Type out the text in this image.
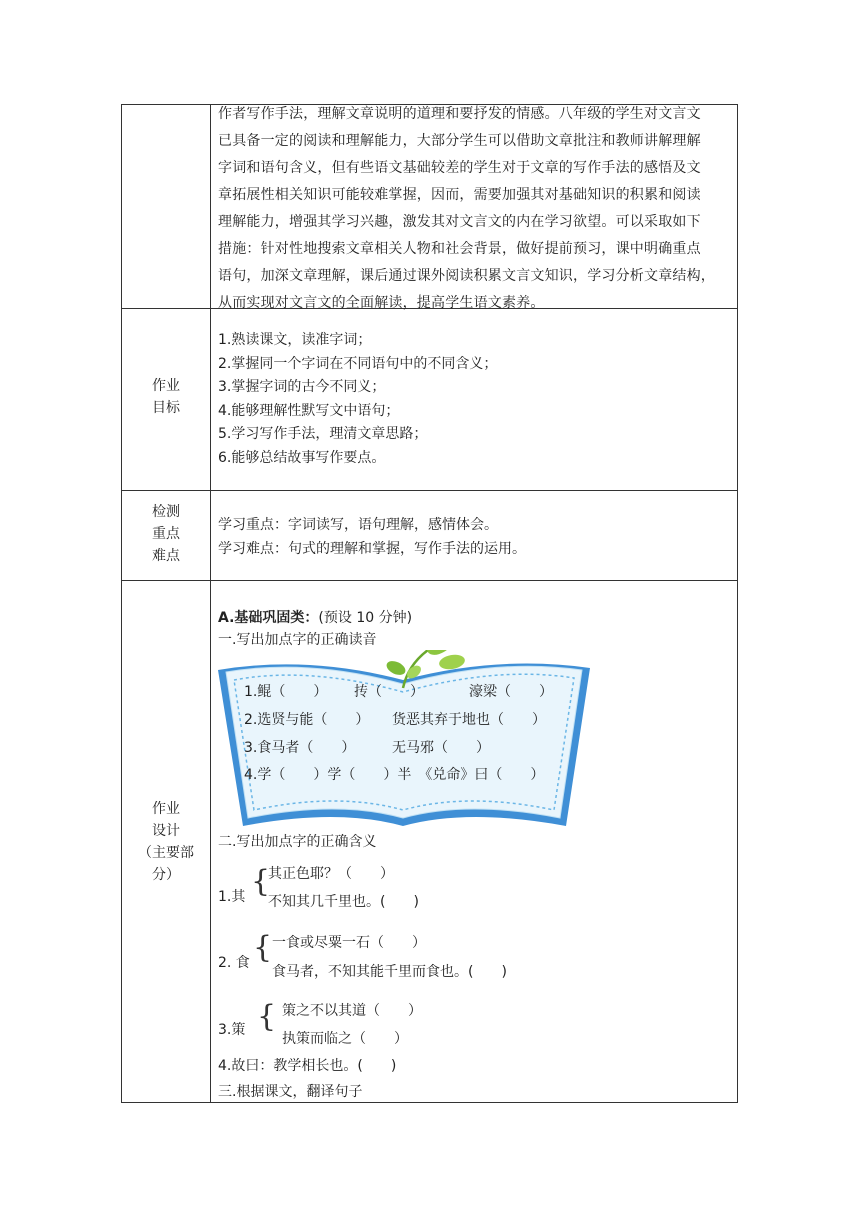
作者写作手法，理解文章说明的道理和要抒发的情感。八年级的学生对文言文
已具备一定的阅读和理解能力，大部分学生可以借助文章批注和教师讲解理解
字词和语句含义，但有些语文基础较差的学生对于文章的写作手法的感悟及文
章拓展性相关知识可能较难掌握，因而，需要加强其对基础知识的积累和阅读
理解能力，增强其学习兴趣，激发其对文言文的内在学习欲望。可以采取如下
措施：针对性地搜索文章相关人物和社会背景，做好提前预习，课中明确重点
语句，加深文章理解，课后通过课外阅读积累文言文知识，学习分析文章结构，
从而实现对文言文的全面解读，提高学生语文素养。
作业
目标
1.熟读课文，读准字词；
2.掌握同一个字词在不同语句中的不同含义；
3.掌握字词的古今不同义；
4.能够理解性默写文中语句；
5.学习写作手法，理清文章思路；
6.能够总结故事写作要点。
检测
重点
难点
学习重点：字词读写，语句理解，感情体会。
学习难点：句式的理解和掌握，写作手法的运用。
作业
设计
（主要部
分）
A.基础巩固类：(预设 10 分钟)
一.写出加点字的正确读音
1.鲲（　　） 抟（　　）	濠梁（　　）
2.选贤与能（　　） 货恶其弃于地也（　　）
3.食马者（　　）	无马邪（　　）
4.学（　　）学（　　）半　《兑命》曰（　　）
二.写出加点字的正确含义
1.其 {
其正色耶？（　　）
不知其几千里也。(　　)
2. 食 { 一食或尽粟一石（　　）
食马者，不知其能千里而食也。(　　)
3.策 { 策之不以其道（　　）
执策而临之（　　）
4.故曰：教学相长也。(　　)
三.根据课文，翻译句子
